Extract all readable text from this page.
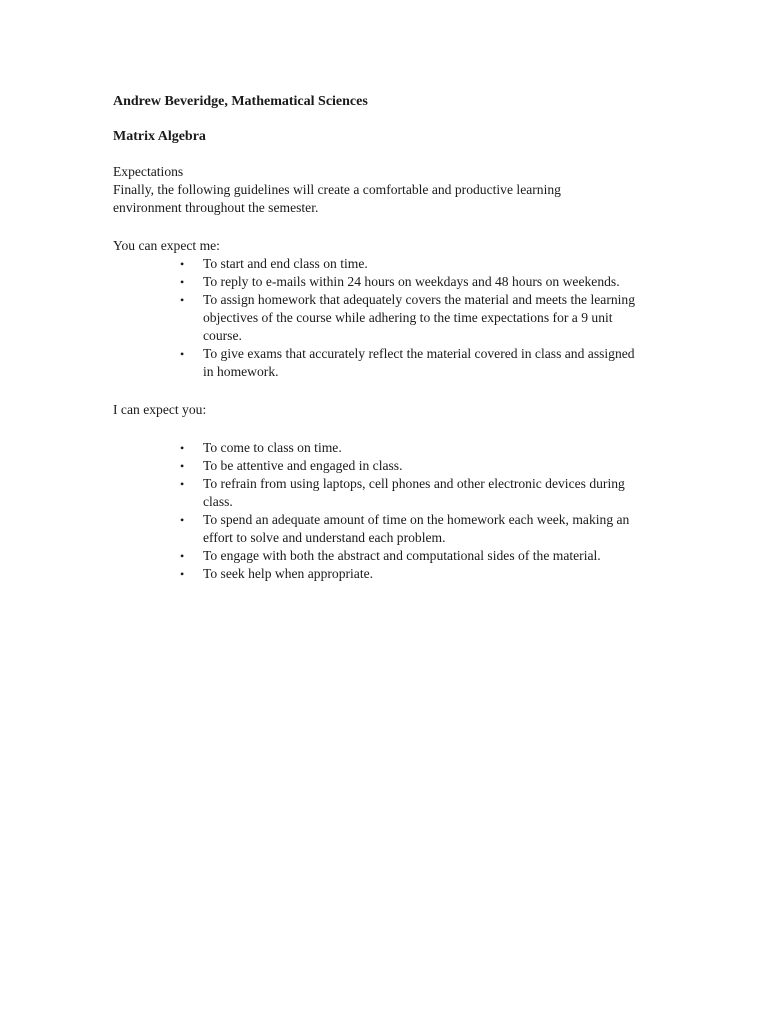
Andrew Beveridge, Mathematical Sciences

Matrix Algebra

Expectations

Finally, the following guidelines will create a comfortable and productive learning environment throughout the semester.

You can expect me:

• To start and end class on time.
• To reply to e-mails within 24 hours on weekdays and 48 hours on weekends.
• To assign homework that adequately covers the material and meets the learning objectives of the course while adhering to the time expectations for a 9 unit course.
• To give exams that accurately reflect the material covered in class and assigned in homework.

I can expect you:

• To come to class on time.
• To be attentive and engaged in class.
• To refrain from using laptops, cell phones and other electronic devices during class.
• To spend an adequate amount of time on the homework each week, making an effort to solve and understand each problem.
• To engage with both the abstract and computational sides of the material.
• To seek help when appropriate.
